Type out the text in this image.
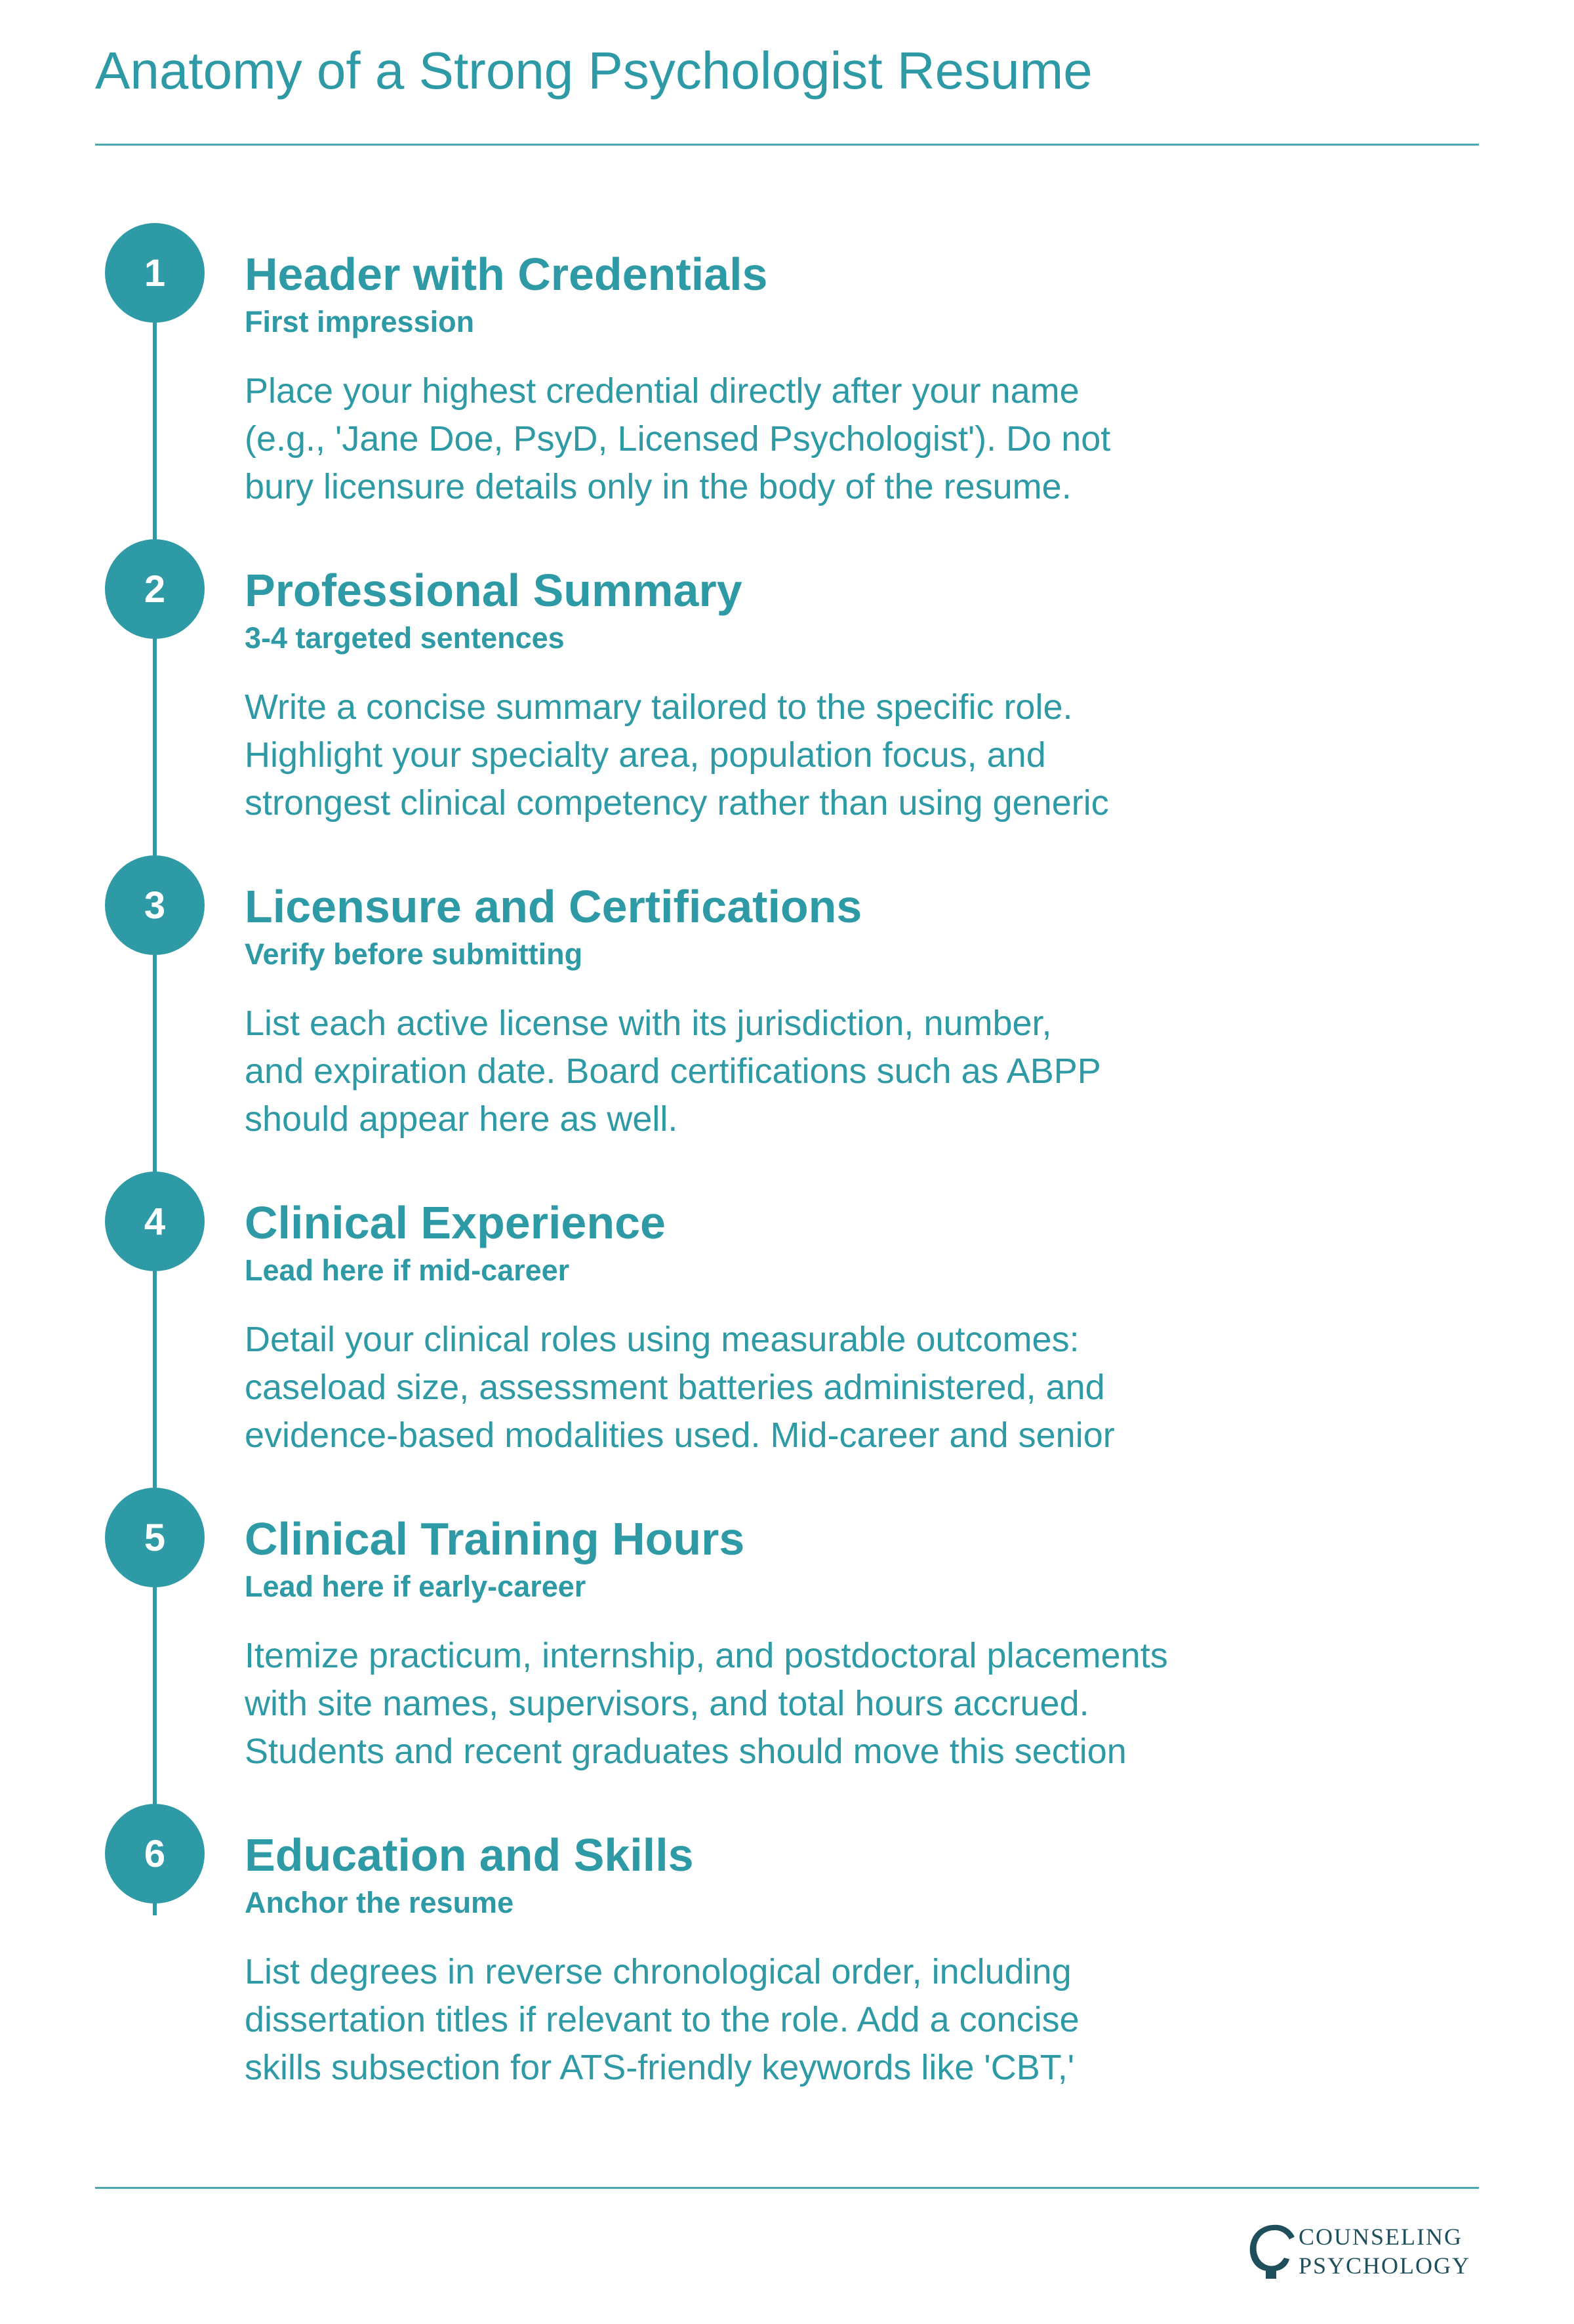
Anatomy of a Strong Psychologist Resume
1	Header with Credentials

First impression

Place your highest credential directly after your name
(e.g., 'Jane Doe, PsyD, Licensed Psychologist'). Do not
bury licensure details only in the body of the resume.

2	Professional Summary

3-4 targeted sentences

Write a concise summary tailored to the specific role.
Highlight your specialty area, population focus, and
strongest clinical competency rather than using generic

3	Licensure and Certifications

Verify before submitting

List each active license with its jurisdiction, number,
and expiration date. Board certifications such as ABPP
should appear here as well.

4	Clinical Experience

Lead here if mid-career

Detail your clinical roles using measurable outcomes:
caseload size, assessment batteries administered, and
evidence-based modalities used. Mid-career and senior

5	Clinical Training Hours

Lead here if early-career

Itemize practicum, internship, and postdoctoral placements
with site names, supervisors, and total hours accrued.
Students and recent graduates should move this section

6	Education and Skills

Anchor the resume

List degrees in reverse chronological order, including
dissertation titles if relevant to the role. Add a concise
skills subsection for ATS-friendly keywords like 'CBT,'

COUNSELING
PSYCHOLOGY
